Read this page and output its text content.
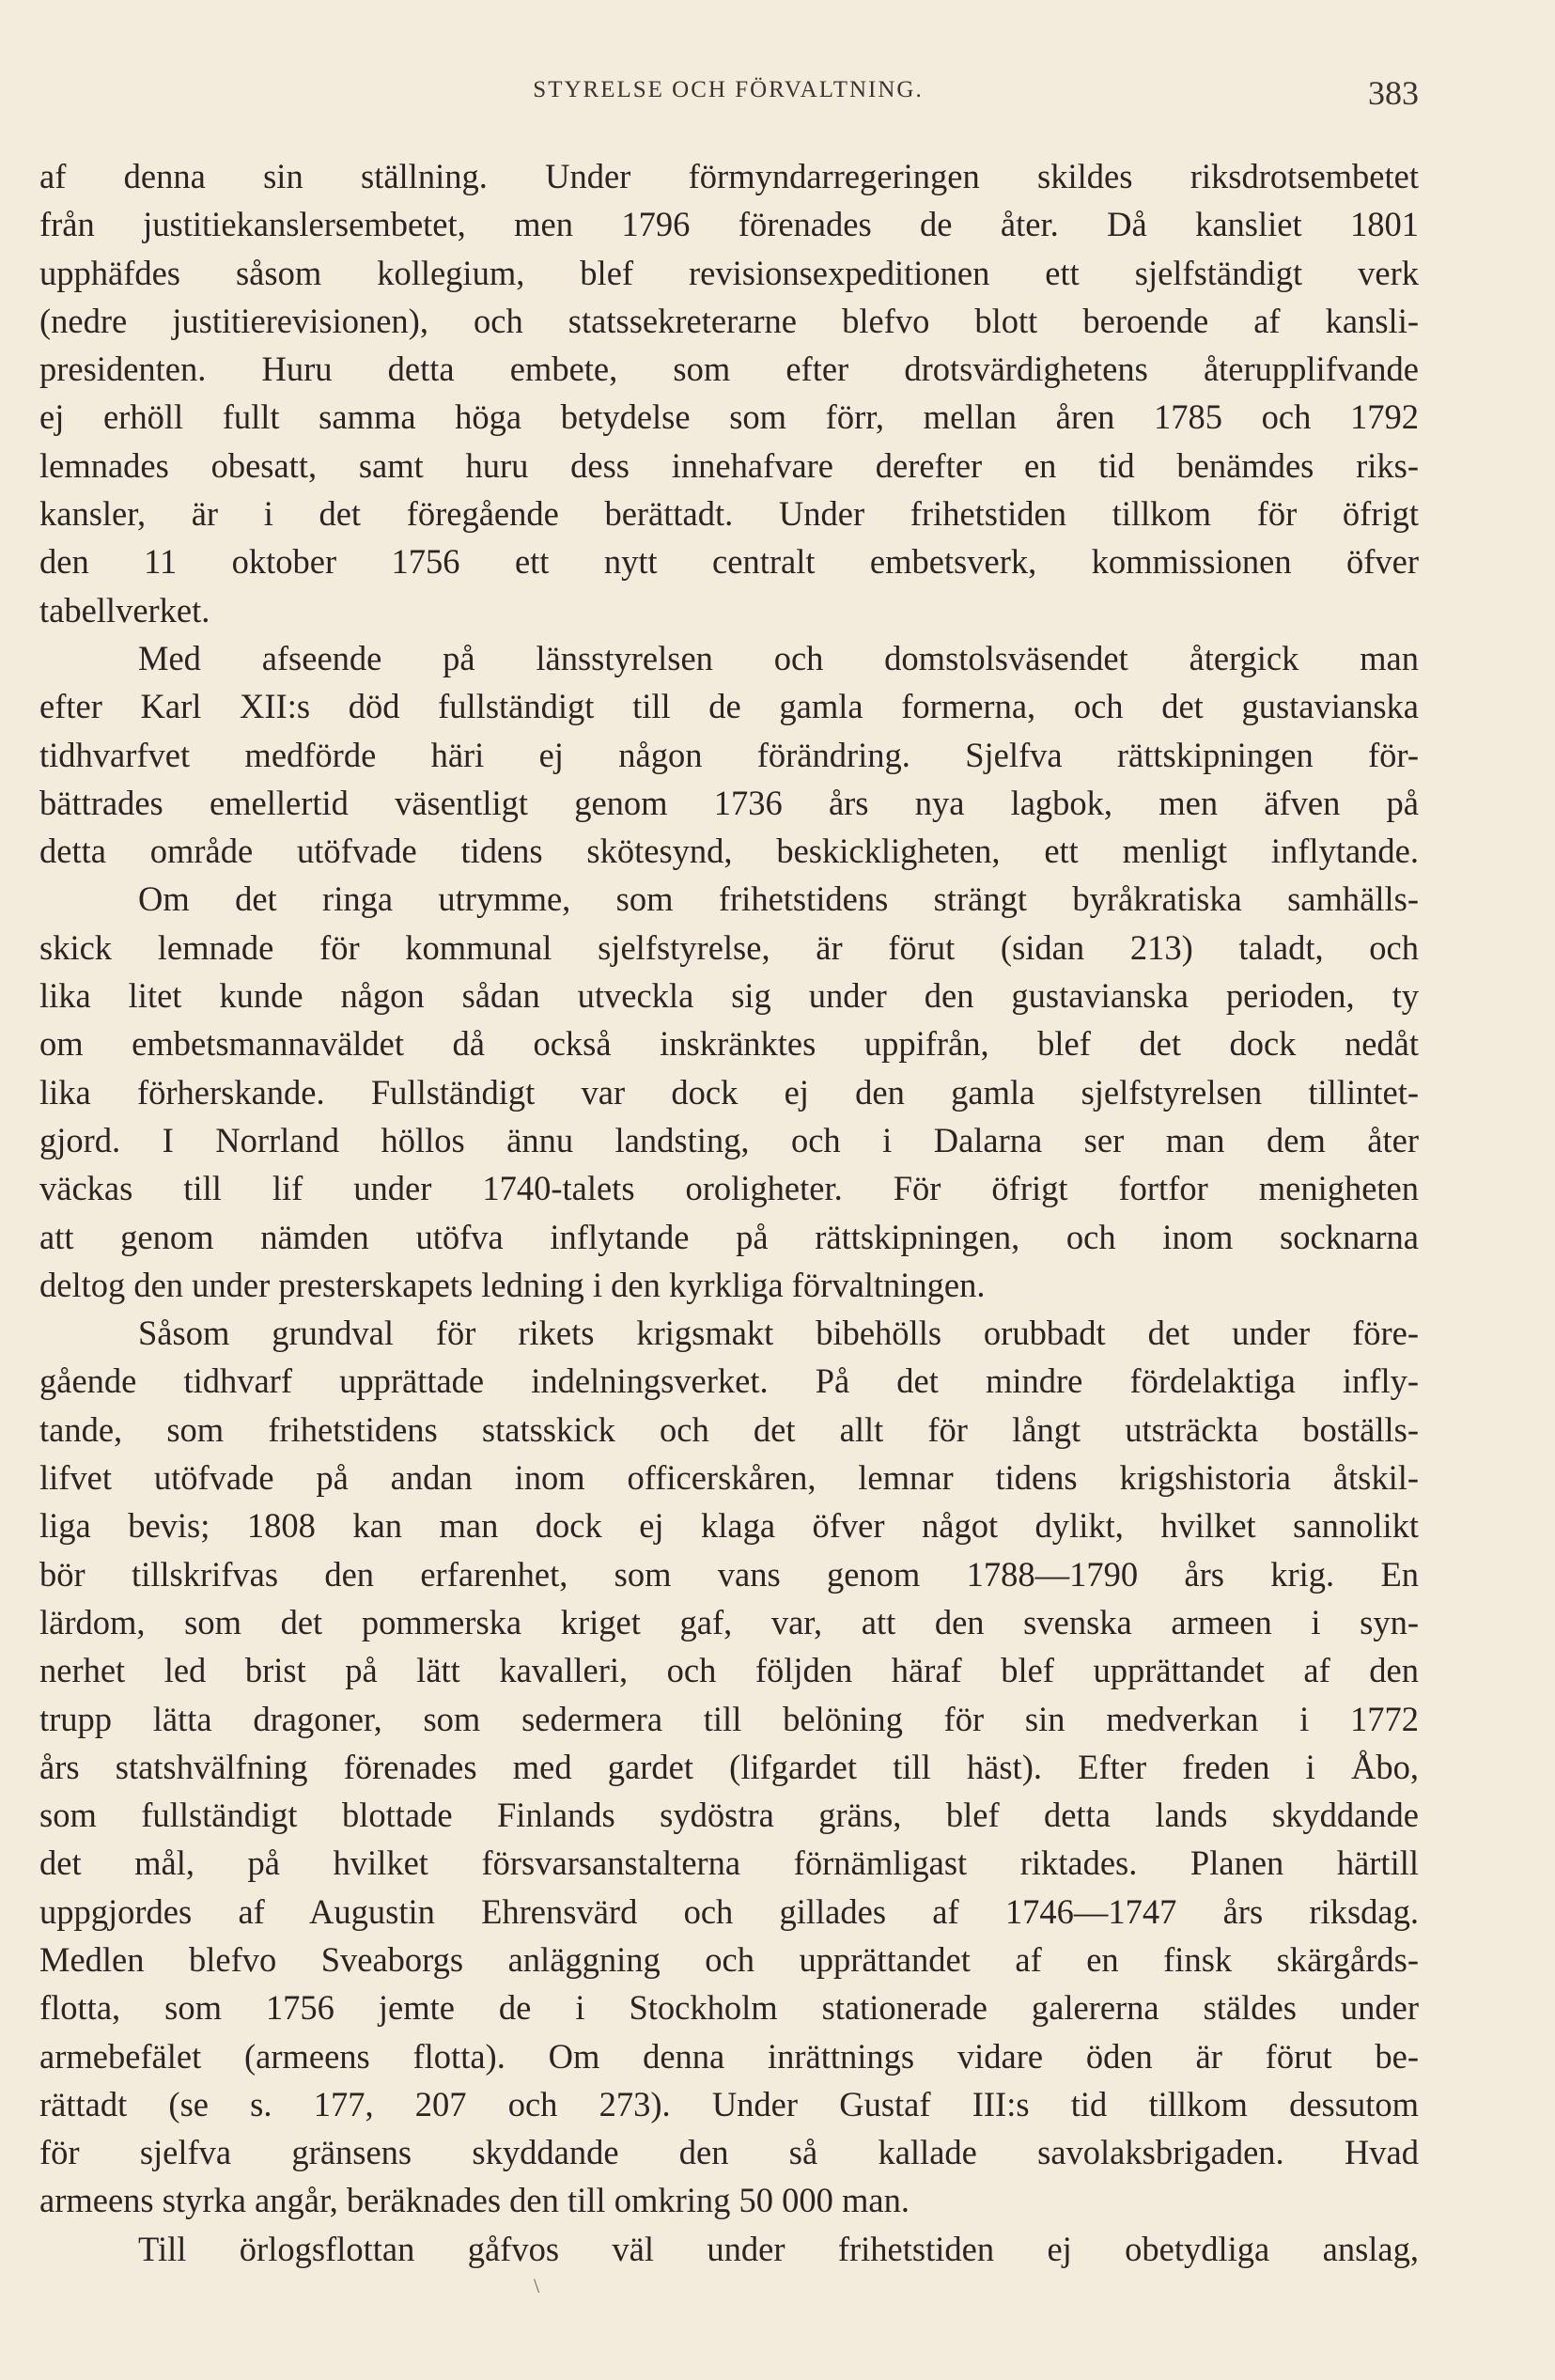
STYRELSE OCH FÖRVALTNING.	383
af denna sin ställning. Under förmyndarregeringen skildes riksdrotsembetet
från justitiekanslersembetet, men 1796 förenades de åter. Då kansliet 1801
upphäfdes såsom kollegium, blef revisionsexpeditionen ett sjelfständigt verk
(nedre justitierevisionen), och statssekreterarne blefvo blott beroende af kansli-
presidenten. Huru detta embete, som efter drotsvärdighetens återupplifvande
ej erhöll fullt samma höga betydelse som förr, mellan åren 1785 och 1792
lemnades obesatt, samt huru dess innehafvare derefter en tid benämdes riks-
kansler, är i det föregående berättadt. Under frihetstiden tillkom för öfrigt
den 11 oktober 1756 ett nytt centralt embetsverk, kommissionen öfver
tabellverket.
Med afseende på länsstyrelsen och domstolsväsendet återgick man
efter Karl XII:s död fullständigt till de gamla formerna, och det gustavianska
tidhvarfvet medförde häri ej någon förändring. Sjelfva rättskipningen för-
bättrades emellertid väsentligt genom 1736 års nya lagbok, men äfven på
detta område utöfvade tidens skötesynd, beskickligheten, ett menligt inflytande.
Om det ringa utrymme, som frihetstidens strängt byråkratiska samhälls-
skick lemnade för kommunal sjelfstyrelse, är förut (sidan 213) taladt, och
lika litet kunde någon sådan utveckla sig under den gustavianska perioden, ty
om embetsmannaväldet då också inskränktes uppifrån, blef det dock nedåt
lika förherskande. Fullständigt var dock ej den gamla sjelfstyrelsen tillintet-
gjord. I Norrland höllos ännu landsting, och i Dalarna ser man dem åter
väckas till lif under 1740-talets oroligheter. För öfrigt fortfor menigheten
att genom nämden utöfva inflytande på rättskipningen, och inom socknarna
deltog den under presterskapets ledning i den kyrkliga förvaltningen.
Såsom grundval för rikets krigsmakt bibehölls orubbadt det under före-
gående tidhvarf upprättade indelningsverket. På det mindre fördelaktiga infly-
tande, som frihetstidens statsskick och det allt för långt utsträckta boställs-
lifvet utöfvade på andan inom officerskåren, lemnar tidens krigshistoria åtskil-
liga bevis; 1808 kan man dock ej klaga öfver något dylikt, hvilket sannolikt
bör tillskrifvas den erfarenhet, som vans genom 1788—1790 års krig. En
lärdom, som det pommerska kriget gaf, var, att den svenska armeen i syn-
nerhet led brist på lätt kavalleri, och följden häraf blef upprättandet af den
trupp lätta dragoner, som sedermera till belöning för sin medverkan i 1772
års statshvälfning förenades med gardet (lifgardet till häst). Efter freden i Åbo,
som fullständigt blottade Finlands sydöstra gräns, blef detta lands skyddande
det mål, på hvilket försvarsanstalterna förnämligast riktades. Planen härtill
uppgjordes af Augustin Ehrensvärd och gillades af 1746—1747 års riksdag.
Medlen blefvo Sveaborgs anläggning och upprättandet af en finsk skärgårds-
flotta, som 1756 jemte de i Stockholm stationerade galererna stäldes under
armebefälet (armeens flotta). Om denna inrättnings vidare öden är förut be-
rättadt (se s. 177, 207 och 273). Under Gustaf III:s tid tillkom dessutom
för sjelfva gränsens skyddande den så kallade savolaksbrigaden. Hvad
armeens styrka angår, beräknades den till omkring 50 000 man.
Till örlogsflottan gåfvos väl under frihetstiden ej obetydliga anslag,
\
